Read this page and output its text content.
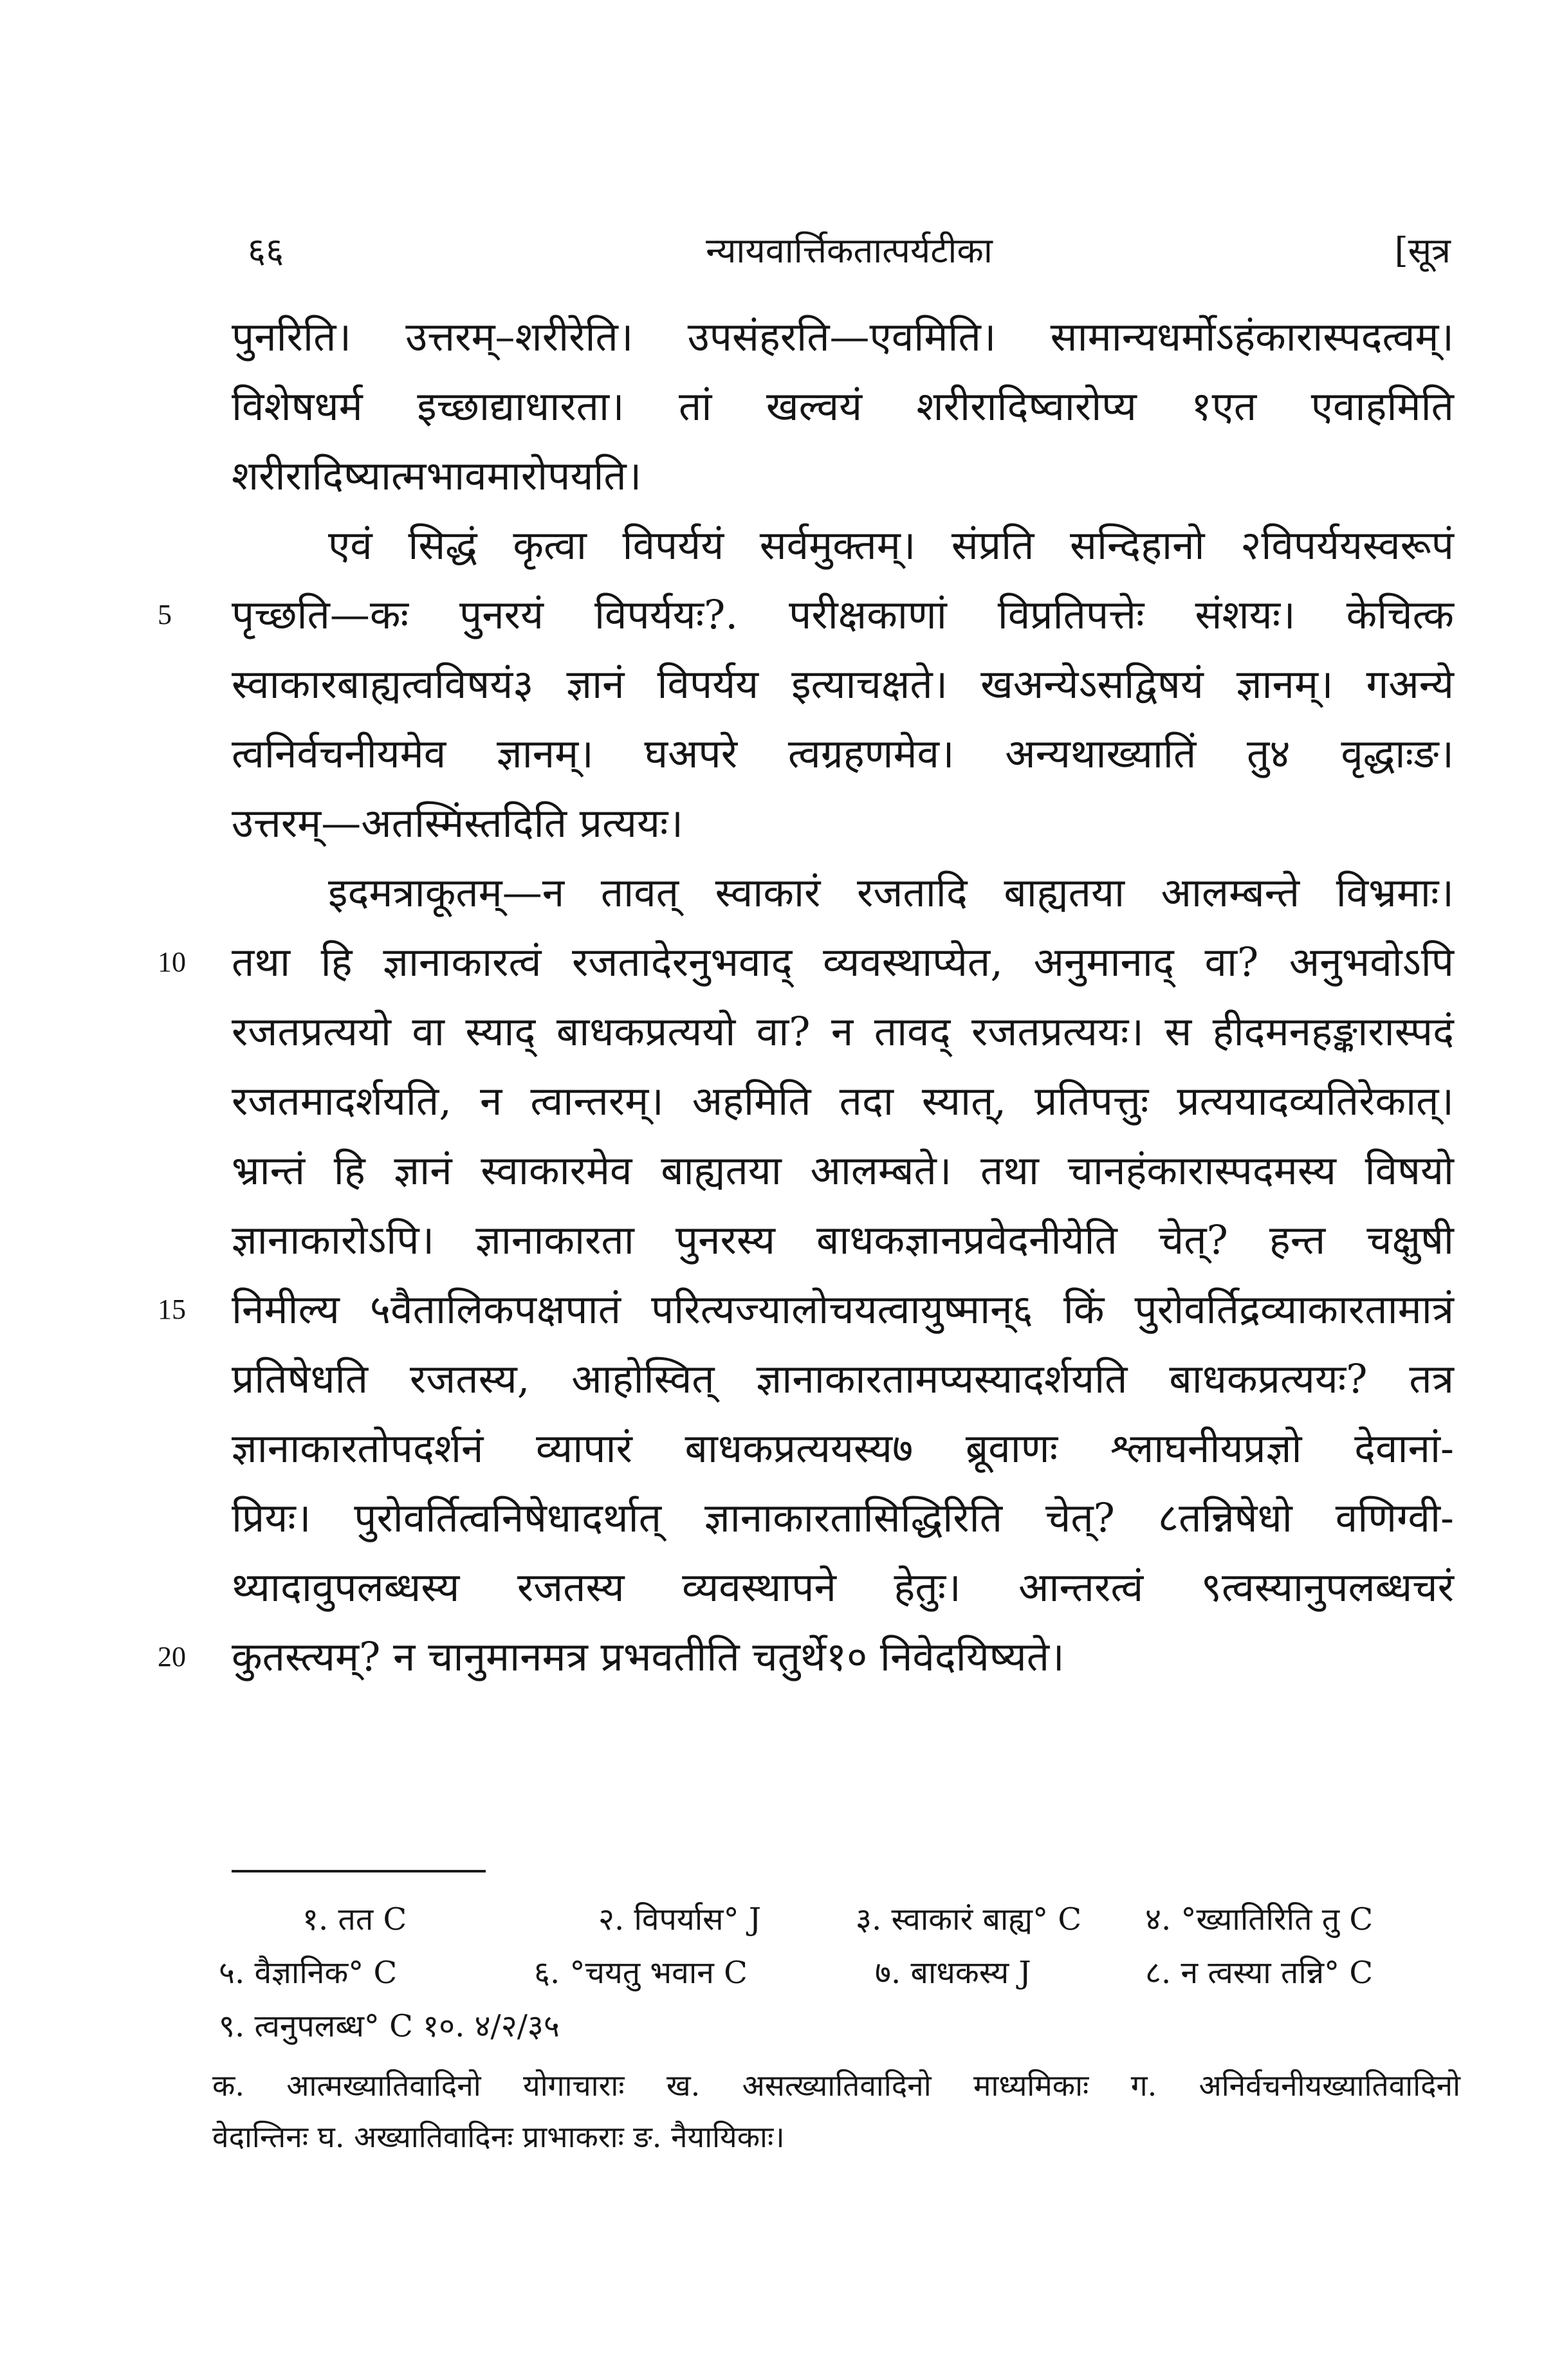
६६	न्यायवार्त्तिकतात्पर्यटीका	[सूत्र
पुनरिति। उत्तरम्–शरीरेति। उपसंहरति—एवमिति। सामान्यधर्मोऽहंकारास्पदत्वम्।
विशेषधर्म इच्छाद्याधारता। तां खल्वयं शरीरादिष्वारोप्य १एत एवाहमिति
शरीरादिष्यात्मभावमारोपयति।
एवं सिद्धं कृत्वा विपर्ययं सर्वमुक्तम्। संप्रति सन्दिहानो २विपर्ययस्वरूपं
5	पृच्छति—कः पुनरयं विपर्ययः?. परीक्षकाणां विप्रतिपत्तेः संशयः। केचित्क
स्वाकारबाह्यत्वविषयं३ ज्ञानं विपर्यय इत्याचक्षते। खअन्येऽसद्विषयं ज्ञानम्। गअन्ये
त्वनिर्वचनीयमेव ज्ञानम्। घअपरे त्वग्रहणमेव। अन्यथाख्यातिं तु४ वृद्धाःङ।
उत्तरम्—अतस्मिंस्तदिति प्रत्ययः।
इदमत्राकूतम्—न तावत् स्वाकारं रजतादि बाह्यतया आलम्बन्ते विभ्रमाः।
10	तथा हि ज्ञानाकारत्वं रजतादेरनुभवाद् व्यवस्थाप्येत, अनुमानाद् वा? अनुभवोऽपि
रजतप्रत्ययो वा स्याद् बाधकप्रत्ययो वा? न तावद् रजतप्रत्ययः। स हीदमनहङ्कारास्पदं
रजतमादर्शयति, न त्वान्तरम्। अहमिति तदा स्यात्, प्रतिपत्तुः प्रत्ययादव्यतिरेकात्।
भ्रान्तं हि ज्ञानं स्वाकारमेव बाह्यतया आलम्बते। तथा चानहंकारास्पदमस्य विषयो
ज्ञानाकारोऽपि। ज्ञानाकारता पुनरस्य बाधकज्ञानप्रवेदनीयेति चेत्? हन्त चक्षुषी
15	निमील्य ५वैतालिकपक्षपातं परित्यज्यालोचयत्वायुष्मान्६ किं पुरोवर्तिद्रव्याकारतामात्रं
प्रतिषेधति रजतस्य, आहोस्वित् ज्ञानाकारतामप्यस्यादर्शयति बाधकप्रत्ययः? तत्र
ज्ञानाकारतोपदर्शनं व्यापारं बाधकप्रत्ययस्य७ ब्रूवाणः श्लाघनीयप्रज्ञो देवानां-
प्रियः। पुरोवर्तित्वनिषेधादर्थात् ज्ञानाकारतासिद्धिरिति चेत्? ८तन्निषेधो वणिग्वी-
थ्यादावुपलब्धस्य रजतस्य व्यवस्थापने हेतुः। आन्तरत्वं ९त्वस्यानुपलब्धचरं
20	कुतस्त्यम्? न चानुमानमत्र प्रभवतीति चतुर्थे१० निवेदयिष्यते।
१. तत C	२. विपर्यास° J	३. स्वाकारं बाह्य° C ४. °ख्यातिरिति तु C
५. वैज्ञानिक° C	६. °चयतु भवान C	७. बाधकस्य J	८. न त्वस्या तन्नि° C
९. त्वनुपलब्ध° C १०. ४/२/३५
क. आत्मख्यातिवादिनो योगाचाराः ख. असत्ख्यातिवादिनो माध्यमिकाः ग. अनिर्वचनीयख्यातिवादिनो
वेदान्तिनः घ. अख्यातिवादिनः प्राभाकराः ङ. नैयायिकाः।
